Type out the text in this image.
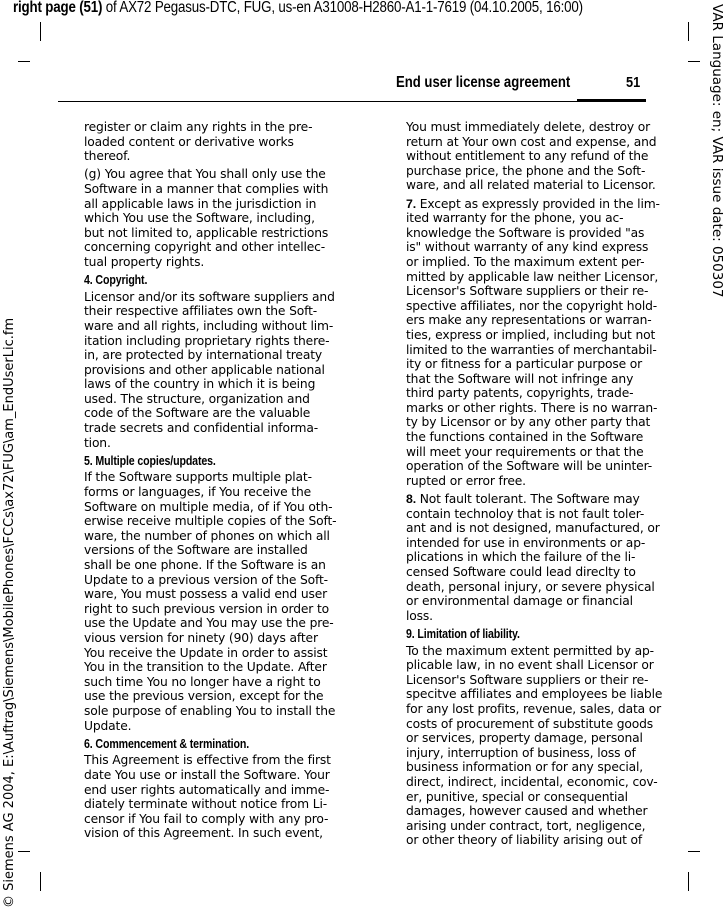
right page (51) of AX72 Pegasus-DTC, FUG, us-en A31008-H2860-A1-1-7619 (04.10.2005, 16:00)	VAR Language: en; VAR issue date: 050307
© Siemens AG 2004, E:\Auftrag\Siemens\MobilePhones\FCCs\ax72\FUG\am_EndUserLic.fm
End user license agreement	51
register or claim any rights in the pre-
loaded content or derivative works
thereof.
(g) You agree that You shall only use the
Software in a manner that complies with
all applicable laws in the jurisdiction in
which You use the Software, including,
but not limited to, applicable restrictions
concerning copyright and other intellec-
tual property rights.
4. Copyright.
Licensor and/or its software suppliers and
their respective affiliates own the Soft-
ware and all rights, including without lim-
itation including proprietary rights there-
in, are protected by international treaty
provisions and other applicable national
laws of the country in which it is being
used. The structure, organization and
code of the Software are the valuable
trade secrets and confidential informa-
tion.
5. Multiple copies/updates.
If the Software supports multiple plat-
forms or languages, if You receive the
Software on multiple media, of if You oth-
erwise receive multiple copies of the Soft-
ware, the number of phones on which all
versions of the Software are installed
shall be one phone. If the Software is an
Update to a previous version of the Soft-
ware, You must possess a valid end user
right to such previous version in order to
use the Update and You may use the pre-
vious version for ninety (90) days after
You receive the Update in order to assist
You in the transition to the Update. After
such time You no longer have a right to
use the previous version, except for the
sole purpose of enabling You to install the
Update.
6. Commencement & termination.
This Agreement is effective from the first
date You use or install the Software. Your
end user rights automatically and imme-
diately terminate without notice from Li-
censor if You fail to comply with any pro-
vision of this Agreement. In such event,
You must immediately delete, destroy or
return at Your own cost and expense, and
without entitlement to any refund of the
purchase price, the phone and the Soft-
ware, and all related material to Licensor.
7. Except as expressly provided in the lim-
ited warranty for the phone, you ac-
knowledge the Software is provided "as
is" without warranty of any kind express
or implied. To the maximum extent per-
mitted by applicable law neither Licensor,
Licensor's Software suppliers or their re-
spective affiliates, nor the copyright hold-
ers make any representations or warran-
ties, express or implied, including but not
limited to the warranties of merchantabil-
ity or fitness for a particular purpose or
that the Software will not infringe any
third party patents, copyrights, trade-
marks or other rights. There is no warran-
ty by Licensor or by any other party that
the functions contained in the Software
will meet your requirements or that the
operation of the Software will be uninter-
rupted or error free.
8. Not fault tolerant. The Software may
contain technoloy that is not fault toler-
ant and is not designed, manufactured, or
intended for use in environments or ap-
plications in which the failure of the li-
censed Software could lead direclty to
death, personal injury, or severe physical
or environmental damage or financial
loss.
9. Limitation of liability.
To the maximum extent permitted by ap-
plicable law, in no event shall Licensor or
Licensor's Software suppliers or their re-
specitve affiliates and employees be liable
for any lost profits, revenue, sales, data or
costs of procurement of substitute goods
or services, property damage, personal
injury, interruption of business, loss of
business information or for any special,
direct, indirect, incidental, economic, cov-
er, punitive, special or consequential
damages, however caused and whether
arising under contract, tort, negligence,
or other theory of liability arising out of
